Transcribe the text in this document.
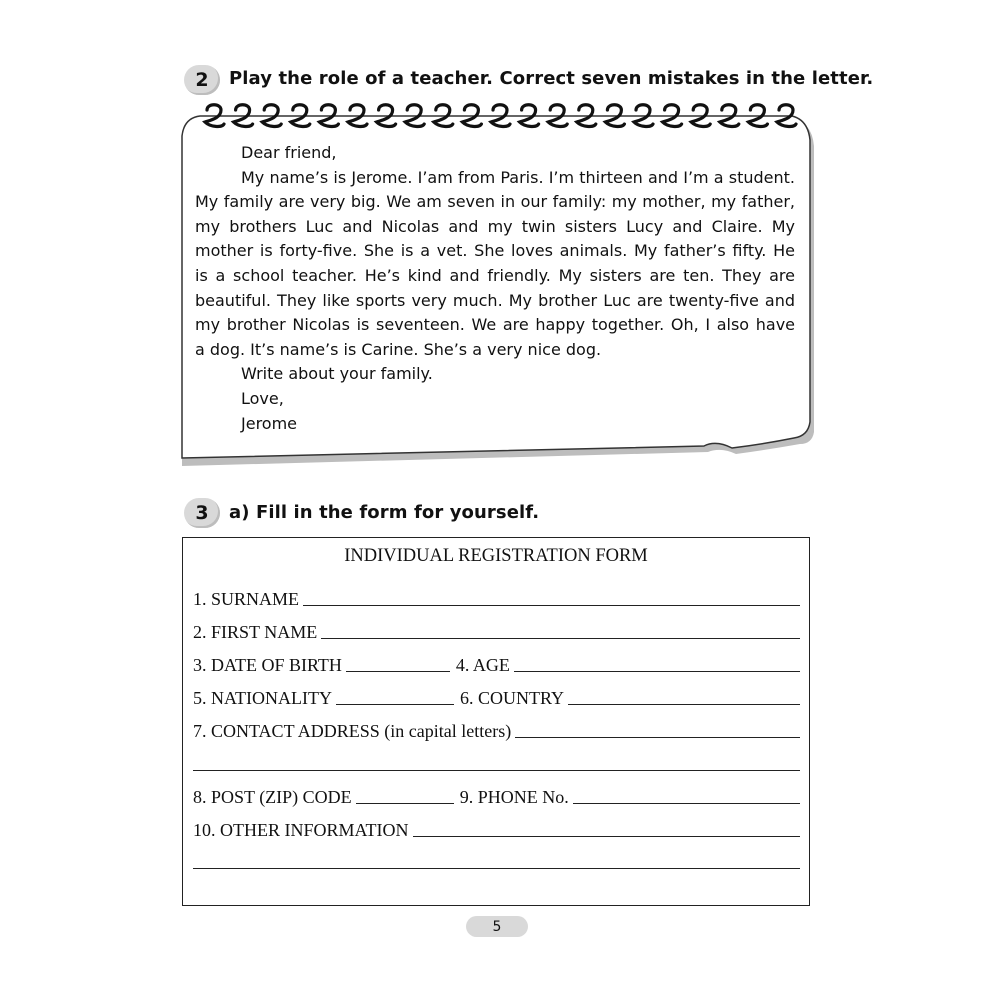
2 Play the role of a teacher. Correct seven mistakes in the letter.

Dear friend,

My name’s is Jerome. I’am from Paris. I’m thirteen and I’m a student.

My family are very big. We am seven in our family: my mother, my father,

my brothers Luc and Nicolas and my twin sisters Lucy and Claire. My

mother is forty-five. She is a vet. She loves animals. My father’s fifty. He

is a school teacher. He’s kind and friendly. My sisters are ten. They are

beautiful. They like sports very much. My brother Luc are twenty-five and

my brother Nicolas is seventeen. We are happy together. Oh, I also have

a dog. It’s name’s is Carine. She’s a very nice dog.

Write about your family.

Love,

Jerome

3 a) Fill in the form for yourself.
INDIVIDUAL REGISTRATION FORM
1. SURNAME
2. FIRST NAME
3. DATE OF BIRTH	4. AGE
5. NATIONALITY	6. COUNTRY
7. CONTACT ADDRESS (in capital letters)
8. POST (ZIP) CODE	9. PHONE No.
10. OTHER INFORMATION
5
